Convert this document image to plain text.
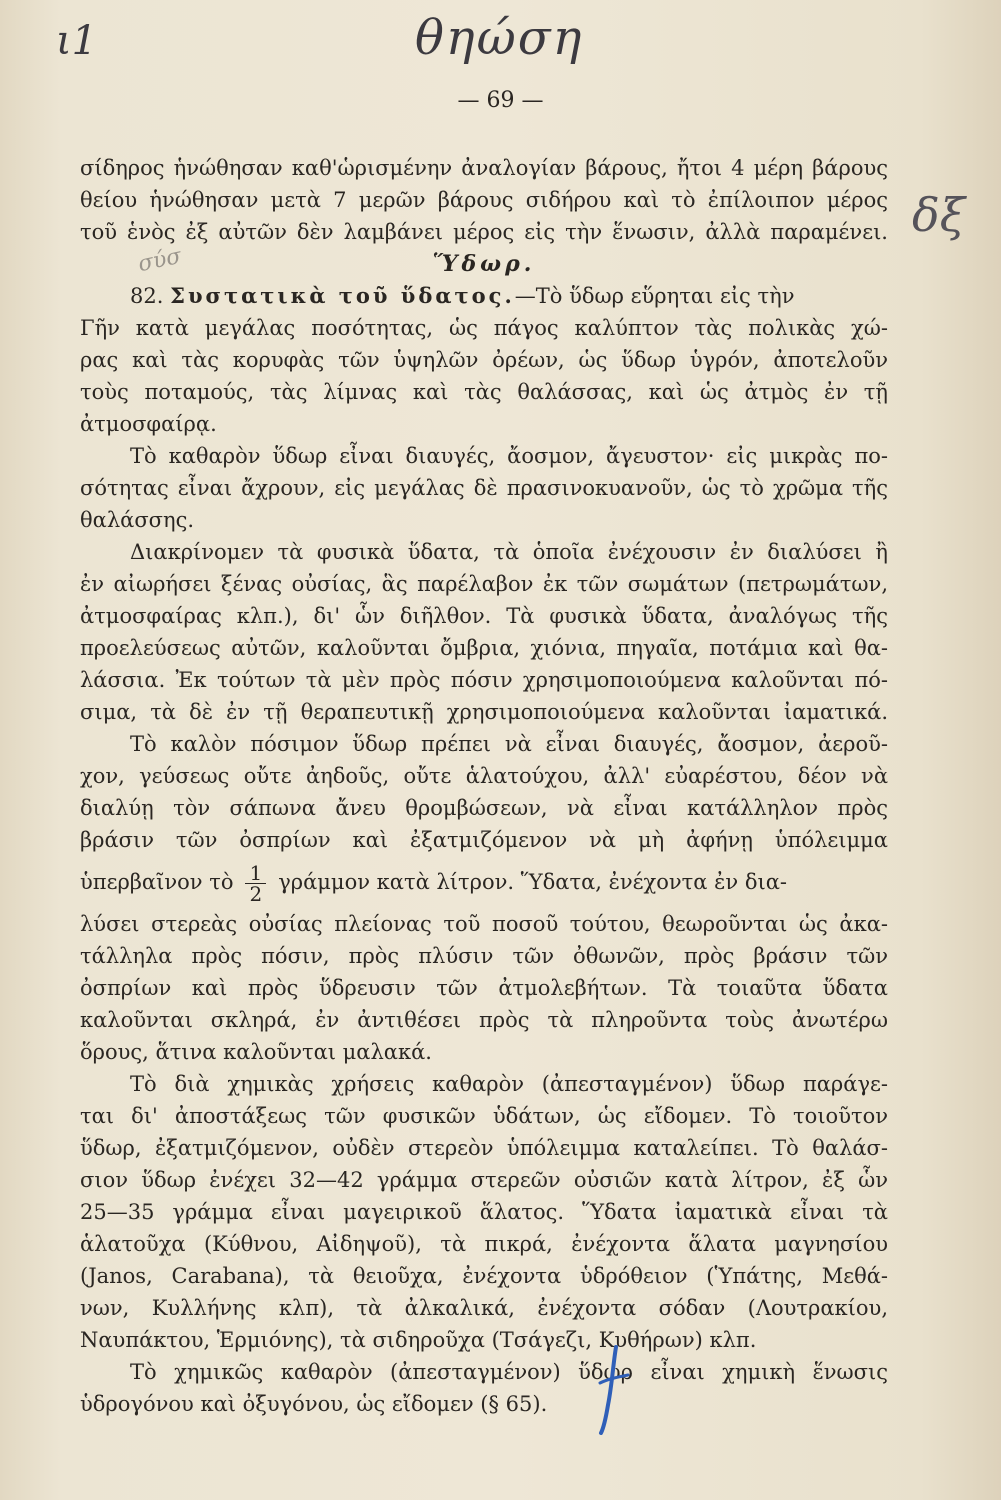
ι1	θηώση
δξ
σύσ
— 69 —
σίδηρος ἡνώθησαν καθ'ὡρισμένην ἀναλογίαν βάρους, ἤτοι 4 μέρη βάρους
θείου ἡνώθησαν μετὰ 7 μερῶν βάρους σιδήρου καὶ τὸ ἐπίλοιπον μέρος
τοῦ ἑνὸς ἐξ αὐτῶν δὲν λαμβάνει μέρος εἰς τὴν ἕνωσιν, ἀλλὰ παραμένει.
Ὕδωρ.
82. Συστατικὰ τοῦ ὕδατος.—Τὸ ὕδωρ εὕρηται εἰς τὴν
Γῆν κατὰ μεγάλας ποσότητας, ὡς πάγος καλύπτον τὰς πολικὰς χώ-
ρας καὶ τὰς κορυφὰς τῶν ὑψηλῶν ὀρέων, ὡς ὕδωρ ὑγρόν, ἀποτελοῦν
τοὺς ποταμούς, τὰς λίμνας καὶ τὰς θαλάσσας, καὶ ὡς ἀτμὸς ἐν τῇ
ἀτμοσφαίρᾳ.
Τὸ καθαρὸν ὕδωρ εἶναι διαυγές, ἄοσμον, ἄγευστον· εἰς μικρὰς πο-
σότητας εἶναι ἄχρουν, εἰς μεγάλας δὲ πρασινοκυανοῦν, ὡς τὸ χρῶμα τῆς
θαλάσσης.
Διακρίνομεν τὰ φυσικὰ ὕδατα, τὰ ὁποῖα ἐνέχουσιν ἐν διαλύσει ἢ
ἐν αἰωρήσει ξένας οὐσίας, ἃς παρέλαβον ἐκ τῶν σωμάτων (πετρωμάτων,
ἀτμοσφαίρας κλπ.), δι' ὧν διῆλθον. Τὰ φυσικὰ ὕδατα, ἀναλόγως τῆς
προελεύσεως αὐτῶν, καλοῦνται ὄμβρια, χιόνια, πηγαῖα, ποτάμια καὶ θα-
λάσσια. Ἐκ τούτων τὰ μὲν πρὸς πόσιν χρησιμοποιούμενα καλοῦνται πό-
σιμα, τὰ δὲ ἐν τῇ θεραπευτικῇ χρησιμοποιούμενα καλοῦνται ἰαματικά.
Τὸ καλὸν πόσιμον ὕδωρ πρέπει νὰ εἶναι διαυγές, ἄοσμον, ἀεροῦ-
χον, γεύσεως οὔτε ἀηδοῦς, οὔτε ἁλατούχου, ἀλλ' εὐαρέστου, δέον νὰ
διαλύῃ τὸν σάπωνα ἄνευ θρομβώσεων, νὰ εἶναι κατάλληλον πρὸς
βράσιν τῶν ὀσπρίων καὶ ἐξατμιζόμενον νὰ μὴ ἀφήνῃ ὑπόλειμμα
ὑπερβαῖνον τὸ $\frac{1}{2}$ γράμμον κατὰ λίτρον. Ὕδατα, ἐνέχοντα ἐν δια-
λύσει στερεὰς οὐσίας πλείονας τοῦ ποσοῦ τούτου, θεωροῦνται ὡς ἀκα-
τάλληλα πρὸς πόσιν, πρὸς πλύσιν τῶν ὀθωνῶν, πρὸς βράσιν τῶν
ὀσπρίων καὶ πρὸς ὕδρευσιν τῶν ἀτμολεβήτων. Τὰ τοιαῦτα ὕδατα
καλοῦνται σκληρά, ἐν ἀντιθέσει πρὸς τὰ πληροῦντα τοὺς ἀνωτέρω
ὅρους, ἅτινα καλοῦνται μαλακά.
Τὸ διὰ χημικὰς χρήσεις καθαρὸν (ἀπεσταγμένον) ὕδωρ παράγε-
ται δι' ἀποστάξεως τῶν φυσικῶν ὑδάτων, ὡς εἴδομεν. Τὸ τοιοῦτον
ὕδωρ, ἐξατμιζόμενον, οὐδὲν στερεὸν ὑπόλειμμα καταλείπει. Τὸ θαλάσ-
σιον ὕδωρ ἐνέχει 32—42 γράμμα στερεῶν οὐσιῶν κατὰ λίτρον, ἐξ ὧν
25—35 γράμμα εἶναι μαγειρικοῦ ἅλατος. Ὕδατα ἰαματικὰ εἶναι τὰ
ἁλατοῦχα (Κύθνου, Αἰδηψοῦ), τὰ πικρά, ἐνέχοντα ἅλατα μαγνησίου
(Janos, Carabana), τὰ θειοῦχα, ἐνέχοντα ὑδρόθειον (Ὑπάτης, Μεθά-
νων, Κυλλήνης κλπ), τὰ ἀλκαλικά, ἐνέχοντα σόδαν (Λουτρακίου,
Ναυπάκτου, Ἑρμιόνης), τὰ σιδηροῦχα (Τσάγεζι, Κυθήρων) κλπ.
Τὸ χημικῶς καθαρὸν (ἀπεσταγμένον) ὕδωρ εἶναι χημικὴ ἕνωσις
ὑδρογόνου καὶ ὀξυγόνου, ὡς εἴδομεν (§ 65).
